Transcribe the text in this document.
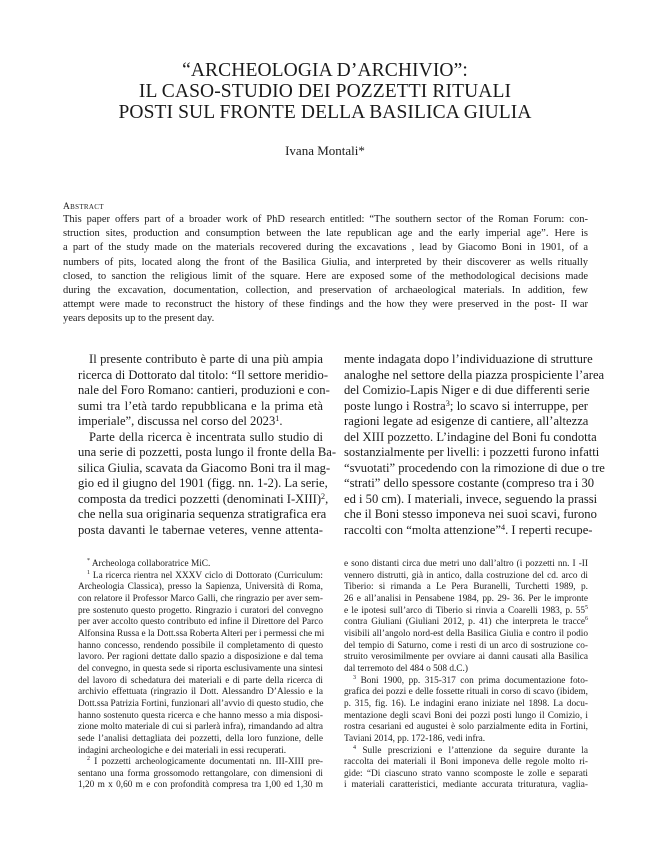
“ARCHEOLOGIA D’ARCHIVIO”:
IL CASO-STUDIO DEI POZZETTI RITUALI
POSTI SUL FRONTE DELLA BASILICA GIULIA
Ivana Montali*
Abstract
This paper offers part of a broader work of PhD research entitled: “The southern sector of the Roman Forum: con-
struction sites, production and consumption between the late republican age and the early imperial age”. Here is
a part of the study made on the materials recovered during the excavations , lead by Giacomo Boni in 1901, of a
numbers of pits, located along the front of the Basilica Giulia, and interpreted by their discoverer as wells ritually
closed, to sanction the religious limit of the square. Here are exposed some of the methodological decisions made
during the excavation, documentation, collection, and preservation of archaeological materials. In addition, few
attempt were made to reconstruct the history of these findings and the how they were preserved in the post- II war
years deposits up to the present day.
Il presente contributo è parte di una più ampia
ricerca di Dottorato dal titolo: “Il settore meridio-
nale del Foro Romano: cantieri, produzioni e con-
sumi tra l’età tardo repubblicana e la prima età
imperiale”, discussa nel corso del 2023$^1$.
Parte della ricerca è incentrata sullo studio di
una serie di pozzetti, posta lungo il fronte della Ba-
silica Giulia, scavata da Giacomo Boni tra il mag-
gio ed il giugno del 1901 (figg. nn. 1-2). La serie,
composta da tredici pozzetti (denominati I-XIII)$^2$,
che nella sua originaria sequenza stratigrafica era
posta davanti le tabernae veteres, venne attenta-
mente indagata dopo l’individuazione di strutture
analoghe nel settore della piazza prospiciente l’area
del Comizio-Lapis Niger e di due differenti serie
poste lungo i Rostra$^3$; lo scavo si interruppe, per
ragioni legate ad esigenze di cantiere, all’altezza
del XIII pozzetto. L’indagine del Boni fu condotta
sostanzialmente per livelli: i pozzetti furono infatti
“svuotati” procedendo con la rimozione di due o tre
“strati” dello spessore costante (compreso tra i 30
ed i 50 cm). I materiali, invece, seguendo la prassi
che il Boni stesso imponeva nei suoi scavi, furono
raccolti con “molta attenzione”$^4$. I reperti recupe-
* Archeologa collaboratrice MiC.
$^1$ La ricerca rientra nel XXXV ciclo di Dottorato (Curriculum:
Archeologia Classica), presso la Sapienza, Università di Roma,
con relatore il Professor Marco Galli, che ringrazio per aver sem-
pre sostenuto questo progetto. Ringrazio i curatori del convegno
per aver accolto questo contributo ed infine il Direttore del Parco
Alfonsina Russa e la Dott.ssa Roberta Alteri per i permessi che mi
hanno concesso, rendendo possibile il completamento di questo
lavoro. Per ragioni dettate dallo spazio a disposizione e dal tema
del convegno, in questa sede si riporta esclusivamente una sintesi
del lavoro di schedatura dei materiali e di parte della ricerca di
archivio effettuata (ringrazio il Dott. Alessandro D’Alessio e la
Dott.ssa Patrizia Fortini, funzionari all’avvio di questo studio, che
hanno sostenuto questa ricerca e che hanno messo a mia disposi-
zione molto materiale di cui si parlerà infra), rimandando ad altra
sede l’analisi dettagliata dei pozzetti, della loro funzione, delle
indagini archeologiche e dei materiali in essi recuperati.
$^2$ I pozzetti archeologicamente documentati nn. III-XIII pre-
sentano una forma grossomodo rettangolare, con dimensioni di
1,20 m x 0,60 m e con profondità compresa tra 1,00 ed 1,30 m
e sono distanti circa due metri uno dall’altro (i pozzetti nn. I -II
vennero distrutti, già in antico, dalla costruzione del cd. arco di
Tiberio: si rimanda a Le Pera Buranelli, Turchetti 1989, p.
26 e all’analisi in Pensabene 1984, pp. 29- 36. Per le impronte
e le ipotesi sull’arco di Tiberio si rinvia a Coarelli 1983, p. $55^5$
contra Giuliani (Giuliani 2012, p. 41) che interpreta le tracce$^6$
visibili all’angolo nord-est della Basilica Giulia e contro il podio
del tempio di Saturno, come i resti di un arco di sostruzione co-
struito verosimilmente per ovviare ai danni causati alla Basilica
dal terremoto del 484 o 508 d.C.)
$^3$ Boni 1900, pp. 315-317 con prima documentazione foto-
grafica dei pozzi e delle fossette rituali in corso di scavo (ibidem,
p. 315, fig. 16). Le indagini erano iniziate nel 1898. La docu-
mentazione degli scavi Boni dei pozzi posti lungo il Comizio, i
rostra cesariani ed augustei è solo parzialmente edita in Fortini,
Taviani 2014, pp. 172-186, vedi infra.
$^4$ Sulle prescrizioni e l’attenzione da seguire durante la
raccolta dei materiali il Boni imponeva delle regole molto ri-
gide: “Di ciascuno strato vanno scomposte le zolle e separati
i materiali caratteristici, mediante accurata trituratura, vaglia-
